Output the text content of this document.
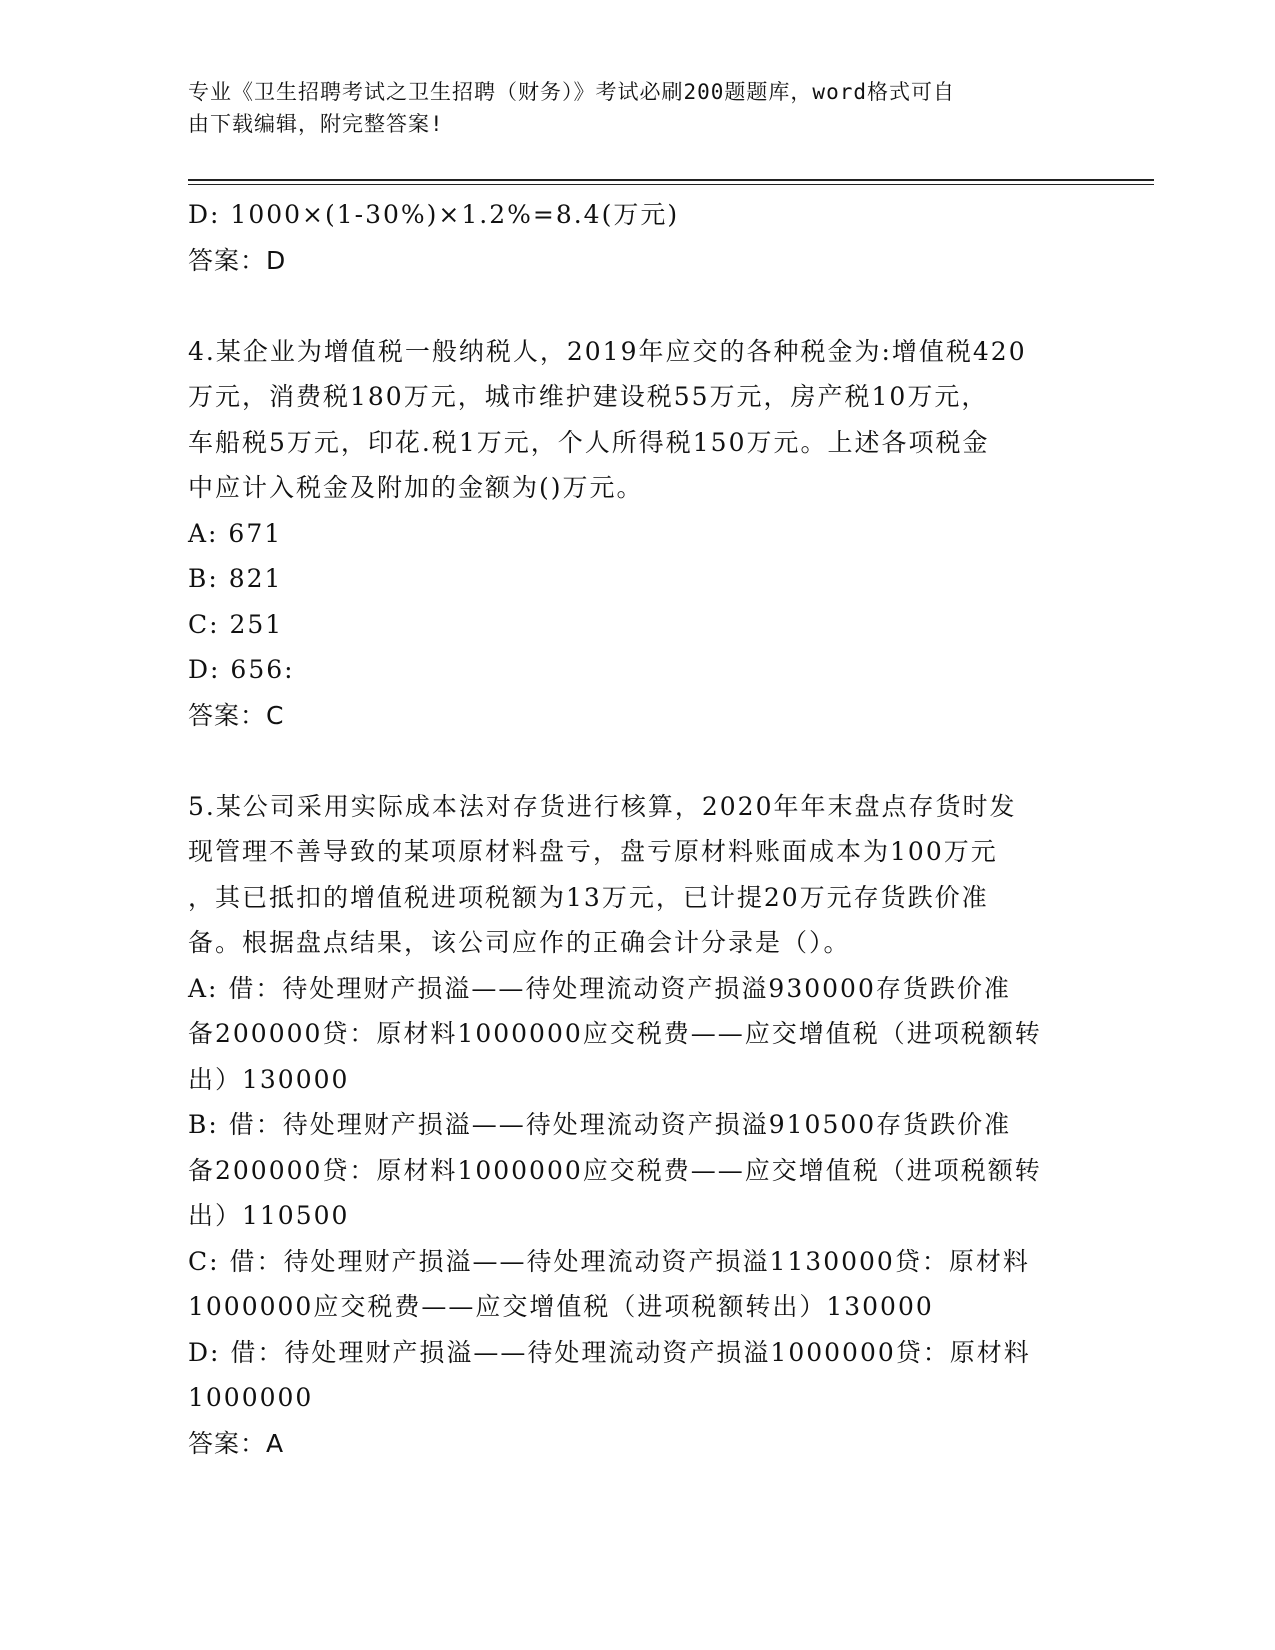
专业《卫生招聘考试之卫生招聘（财务）》考试必刷200题题库，word格式可自
由下载编辑，附完整答案!
D: 1000×(1-30%)×1.2%=8.4(万元)
答案：D
4.某企业为增值税一般纳税人，2019年应交的各种税金为:增值税420
万元，消费税180万元，城市维护建设税55万元，房产税10万元，
车船税5万元，印花.税1万元，个人所得税150万元。上述各项税金
中应计入税金及附加的金额为()万元。
A: 671
B: 821
C: 251
D: 656:
答案：C
5.某公司采用实际成本法对存货进行核算，2020年年末盘点存货时发
现管理不善导致的某项原材料盘亏，盘亏原材料账面成本为100万元
，其已抵扣的增值税进项税额为13万元，已计提20万元存货跌价准
备。根据盘点结果，该公司应作的正确会计分录是（）。
A: 借：待处理财产损溢——待处理流动资产损溢930000存货跌价准
备200000贷：原材料1000000应交税费——应交增值税（进项税额转
出）130000
B: 借：待处理财产损溢——待处理流动资产损溢910500存货跌价准
备200000贷：原材料1000000应交税费——应交增值税（进项税额转
出）110500
C: 借：待处理财产损溢——待处理流动资产损溢1130000贷：原材料
1000000应交税费——应交增值税（进项税额转出）130000
D: 借：待处理财产损溢——待处理流动资产损溢1000000贷：原材料
1000000
答案：A
